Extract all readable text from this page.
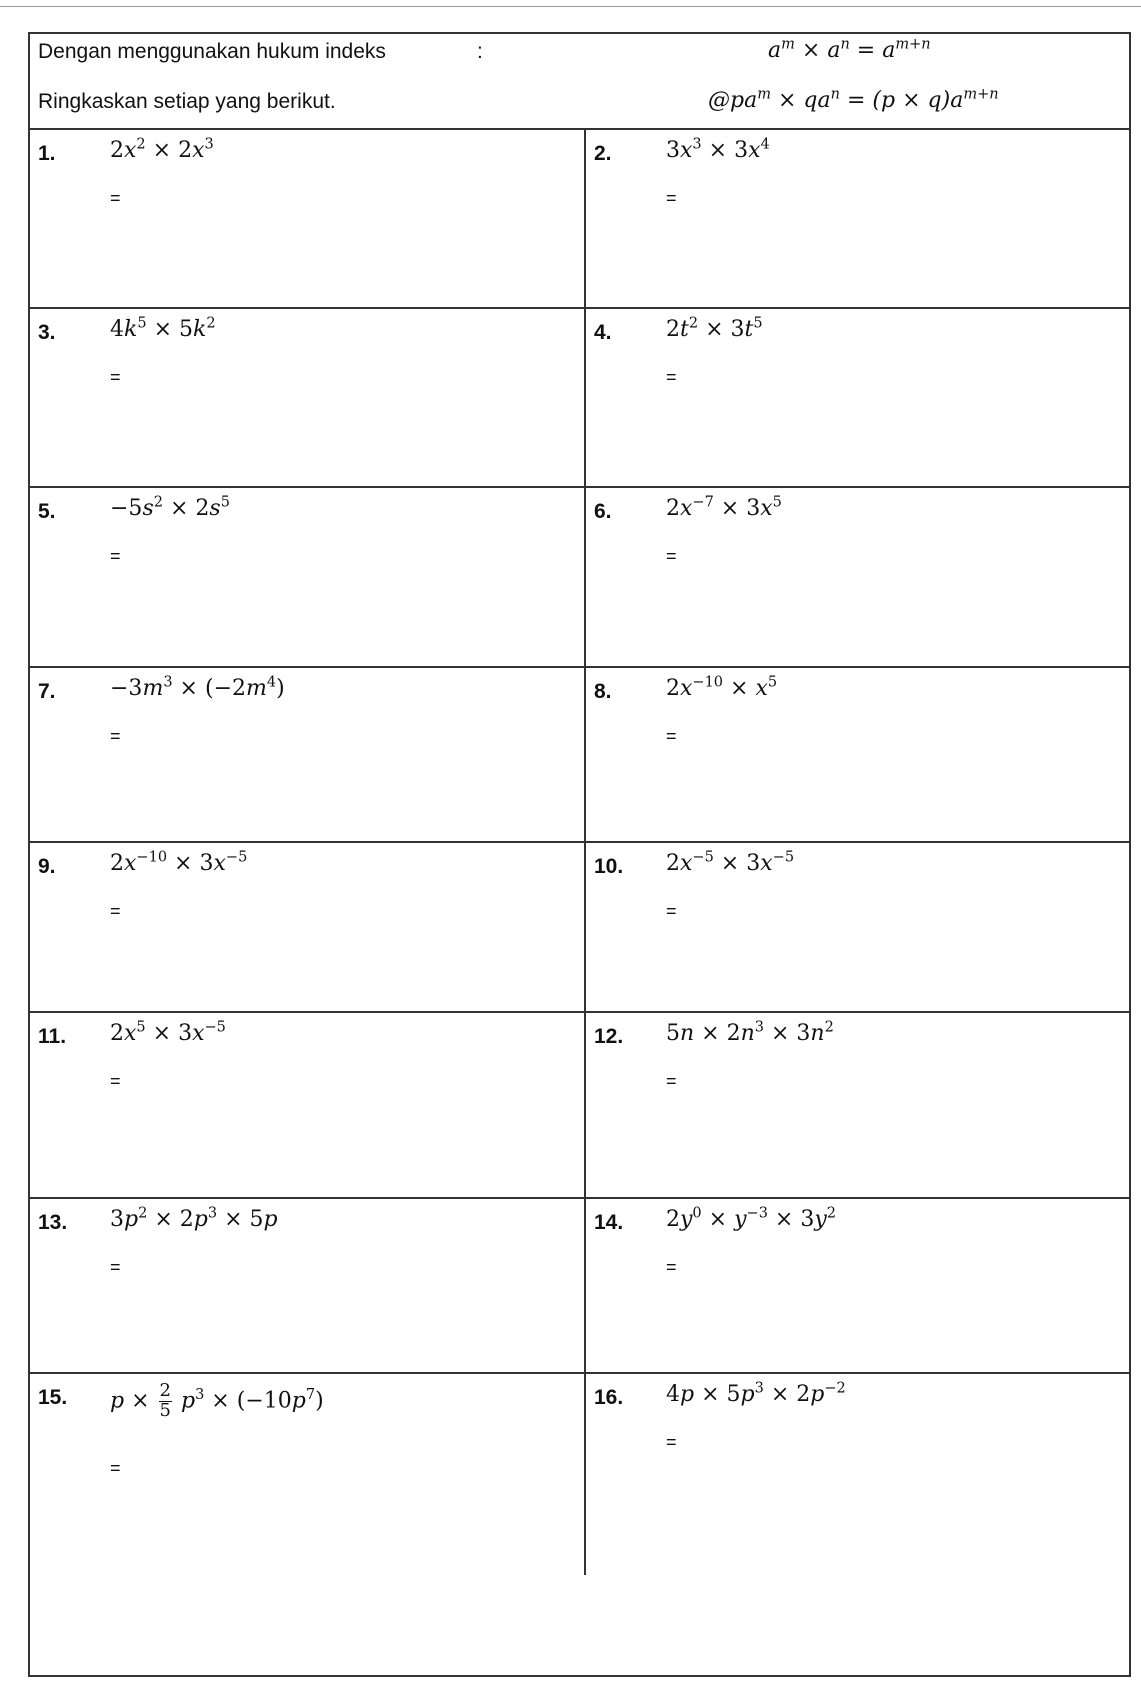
Dengan menggunakan hukum indeks	:
Ringkaskan setiap yang berikut.
$a^m \times a^n = a^{m+n}$
$@pa^m \times qa^n = (p \times q)a^{m+n}$
1. $2x^2 \times 2x^3$
=
2. $3x^3 \times 3x^4$
=
3. $4k^5 \times 5k^2$
=
4. $2t^2 \times 3t^5$
=
5. $-5s^2 \times 2s^5$
=
6. $2x^{-7} \times 3x^5$
=
7. $-3m^3 \times (-2m^4)$
=
8. $2x^{-10} \times x^5$
=
9. $2x^{-10} \times 3x^{-5}$
=
10. $2x^{-5} \times 3x^{-5}$
=
11. $2x^5 \times 3x^{-5}$
=
12. $5n \times 2n^3 \times 3n^2$
=
13. $3p^2 \times 2p^3 \times 5p$
=
14. $2y^0 \times y^{-3} \times 3y^2$
=
15. $p \times \frac{2}{5} p^3 \times (-10p^7)$
=
16. $4p \times 5p^3 \times 2p^{-2}$
=
